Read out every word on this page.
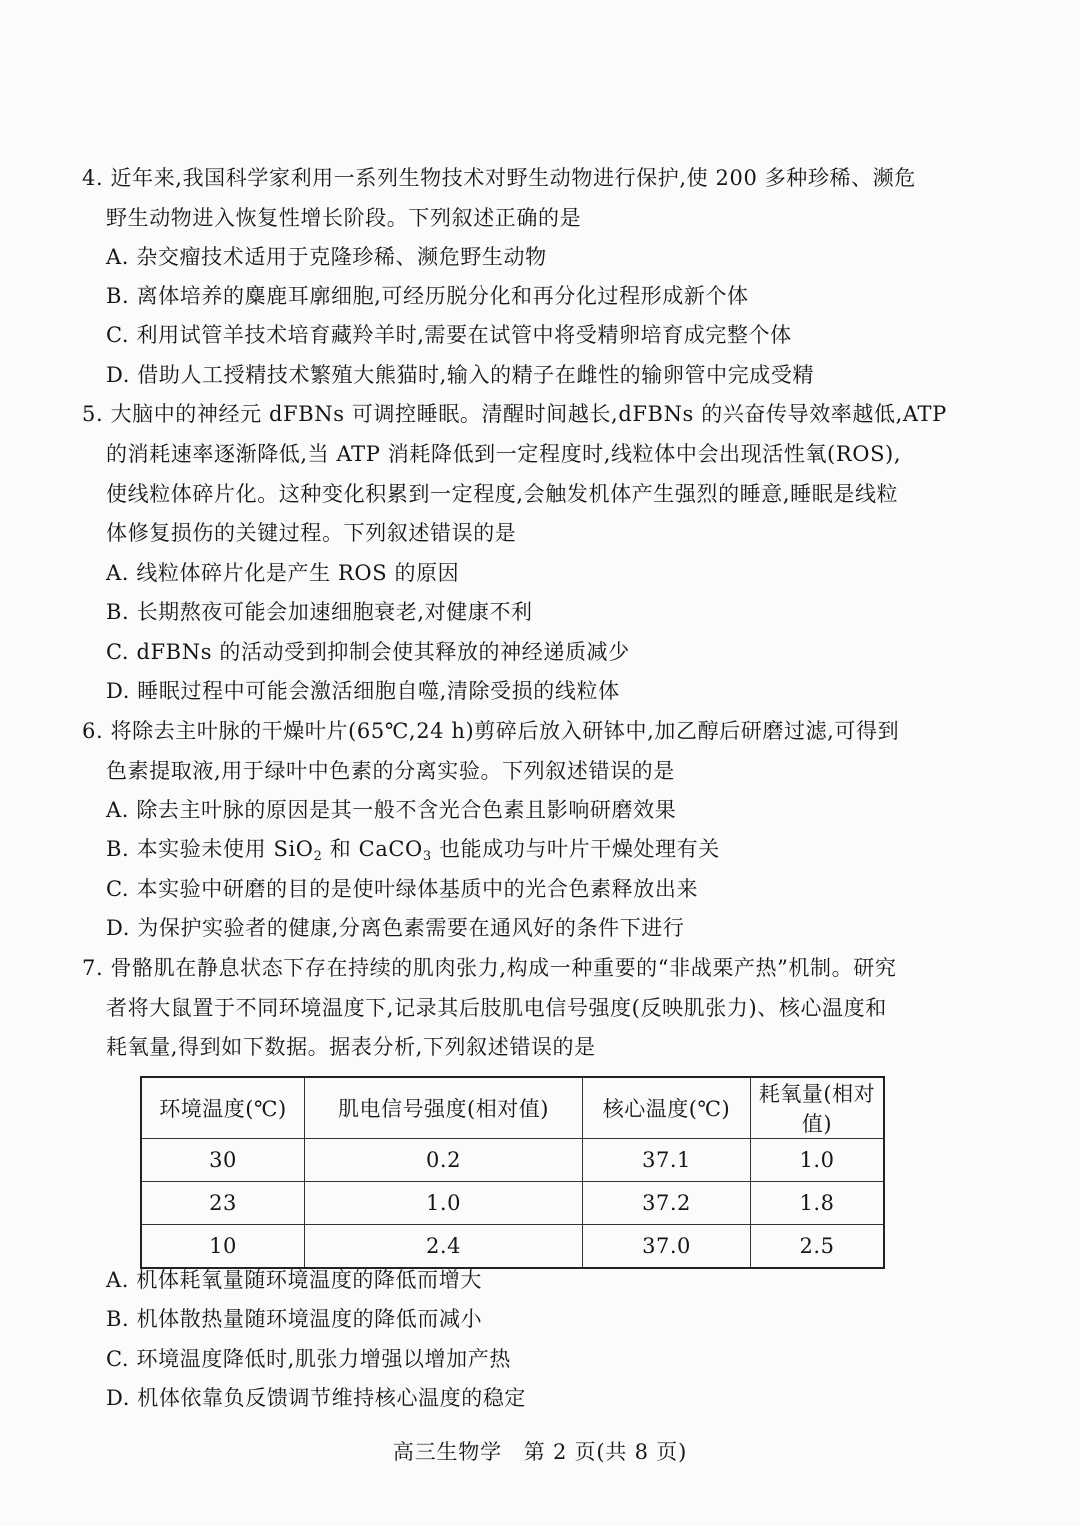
4. 近年来,我国科学家利用一系列生物技术对野生动物进行保护,使 200 多种珍稀、濒危
野生动物进入恢复性增长阶段。下列叙述正确的是
A. 杂交瘤技术适用于克隆珍稀、濒危野生动物
B. 离体培养的麋鹿耳廓细胞,可经历脱分化和再分化过程形成新个体
C. 利用试管羊技术培育藏羚羊时,需要在试管中将受精卵培育成完整个体
D. 借助人工授精技术繁殖大熊猫时,输入的精子在雌性的输卵管中完成受精
5. 大脑中的神经元 dFBNs 可调控睡眠。清醒时间越长,dFBNs 的兴奋传导效率越低,ATP
的消耗速率逐渐降低,当 ATP 消耗降低到一定程度时,线粒体中会出现活性氧(ROS),
使线粒体碎片化。这种变化积累到一定程度,会触发机体产生强烈的睡意,睡眠是线粒
体修复损伤的关键过程。下列叙述错误的是
A. 线粒体碎片化是产生 ROS 的原因
B. 长期熬夜可能会加速细胞衰老,对健康不利
C. dFBNs 的活动受到抑制会使其释放的神经递质减少
D. 睡眠过程中可能会激活细胞自噬,清除受损的线粒体
6. 将除去主叶脉的干燥叶片(65℃,24 h)剪碎后放入研钵中,加乙醇后研磨过滤,可得到
色素提取液,用于绿叶中色素的分离实验。下列叙述错误的是
A. 除去主叶脉的原因是其一般不含光合色素且影响研磨效果
B. 本实验未使用 SiO$_2$ 和 CaCO$_3$ 也能成功与叶片干燥处理有关
C. 本实验中研磨的目的是使叶绿体基质中的光合色素释放出来
D. 为保护实验者的健康,分离色素需要在通风好的条件下进行
7. 骨骼肌在静息状态下存在持续的肌肉张力,构成一种重要的“非战栗产热”机制。研究
者将大鼠置于不同环境温度下,记录其后肢肌电信号强度(反映肌张力)、核心温度和
耗氧量,得到如下数据。据表分析,下列叙述错误的是
环境温度(℃)	肌电信号强度(相对值)	核心温度(℃)	耗氧量(相对值)
30	0.2	37.1	1.0
23	1.0	37.2	1.8
10	2.4	37.0	2.5
A. 机体耗氧量随环境温度的降低而增大
B. 机体散热量随环境温度的降低而减小
C. 环境温度降低时,肌张力增强以增加产热
D. 机体依靠负反馈调节维持核心温度的稳定
高三生物学　第 2 页(共 8 页)
